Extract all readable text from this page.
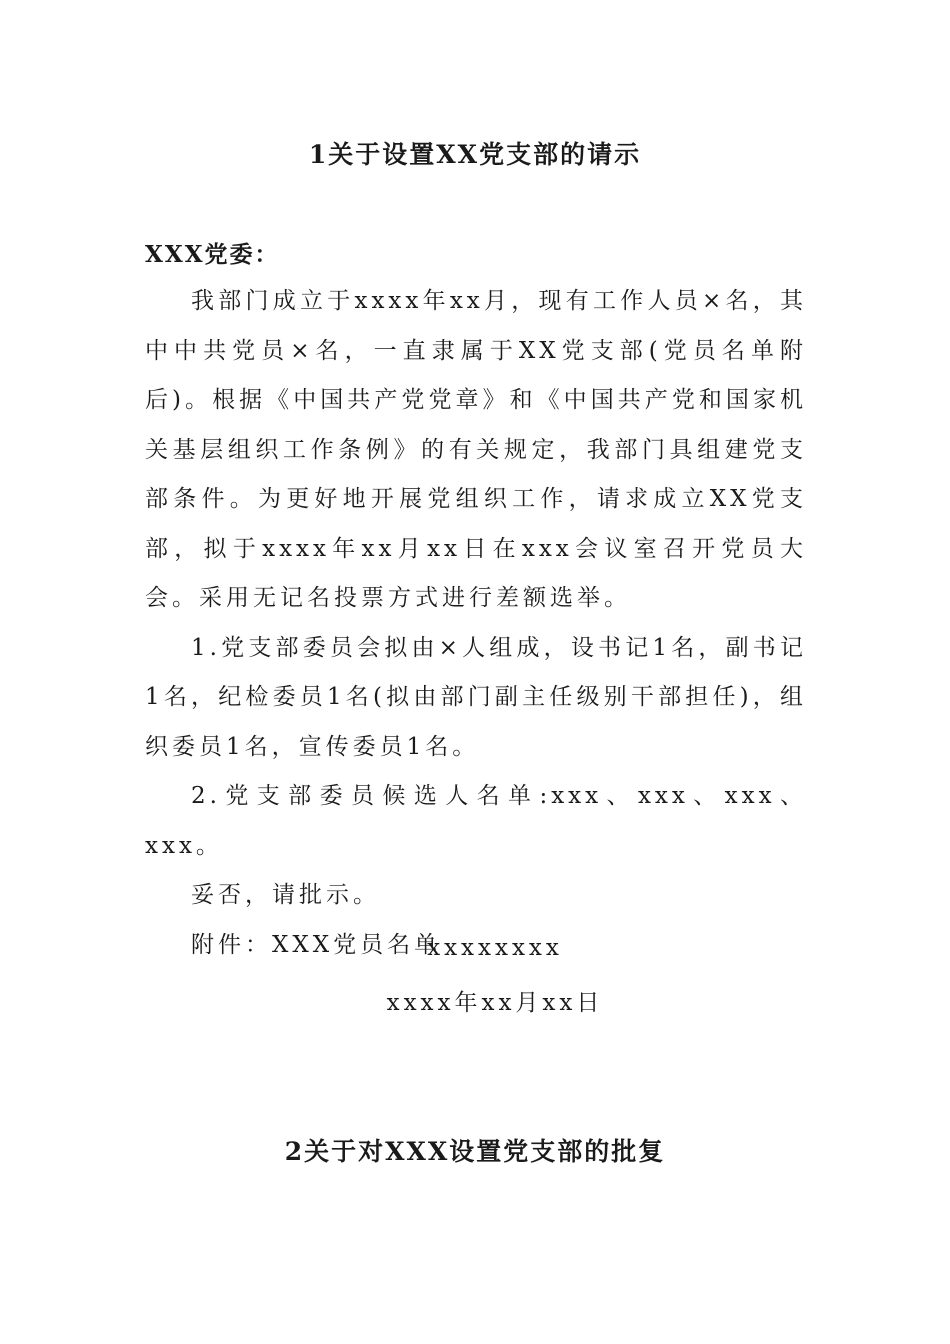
1关于设置XX党支部的请示
XXX党委：

我部门成立于xxxx年xx月，现有工作人员×名，其中中共党员×名，一直隶属于XX党支部(党员名单附后)。根据《中国共产党党章》和《中国共产党和国家机关基层组织工作条例》的有关规定，我部门具组建党支部条件。为更好地开展党组织工作，请求成立XX党支部，拟于xxxx年xx月xx日在xxx会议室召开党员大会。采用无记名投票方式进行差额选举。

1.党支部委员会拟由×人组成，设书记1名，副书记1名，纪检委员1名(拟由部门副主任级别干部担任)，组织委员1名，宣传委员1名。

2.党支部委员候选人名单:xxx、xxx、xxx、xxx。

妥否，请批示。

附件：XXX党员名单

xxxxxxxx
xxxx年xx月xx日
2关于对XXX设置党支部的批复
